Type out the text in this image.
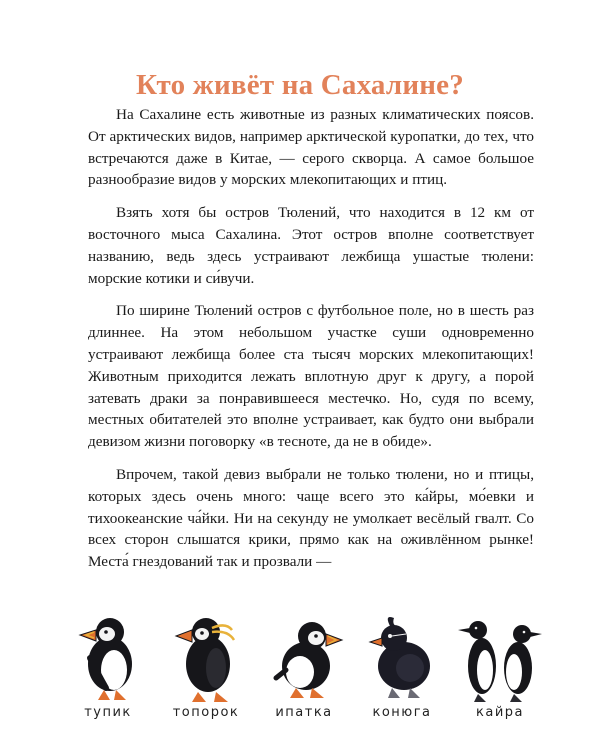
Кто живёт на Сахалине?

На Сахалине есть животные из разных климатических поясов. От арктических видов, например арктической куропатки, до тех, что встречаются даже в Китае, — серого скворца. А самое большое разнообразие видов у морских млекопитающих и птиц.

Взять хотя бы остров Тюлений, что находится в 12 км от восточного мыса Сахалина. Этот остров вполне соответствует названию, ведь здесь устраивают лежбища ушастые тюлени: морские котики и си́вучи.

По ширине Тюлений остров с футбольное поле, но в шесть раз длиннее. На этом небольшом участке суши одновременно устраивают лежбища более ста тысяч морских млекопитающих! Животным приходится лежать вплотную друг к другу, а порой затевать драки за понравившееся местечко. Но, судя по всему, местных обитателей это вполне устраивает, как будто они выбрали девизом жизни поговорку «в тесноте, да не в обиде».

Впрочем, такой девиз выбрали не только тюлени, но и птицы, которых здесь очень много: чаще всего это ка́йры, мо́евки и тихоокеанские ча́йки. Ни на секунду не умолкает весёлый гвалт. Со всех сторон слышатся крики, прямо как на оживлённом рынке! Места́ гнездований так и прозвали —

тупик	топорок	ипатка	конюга	кайра
